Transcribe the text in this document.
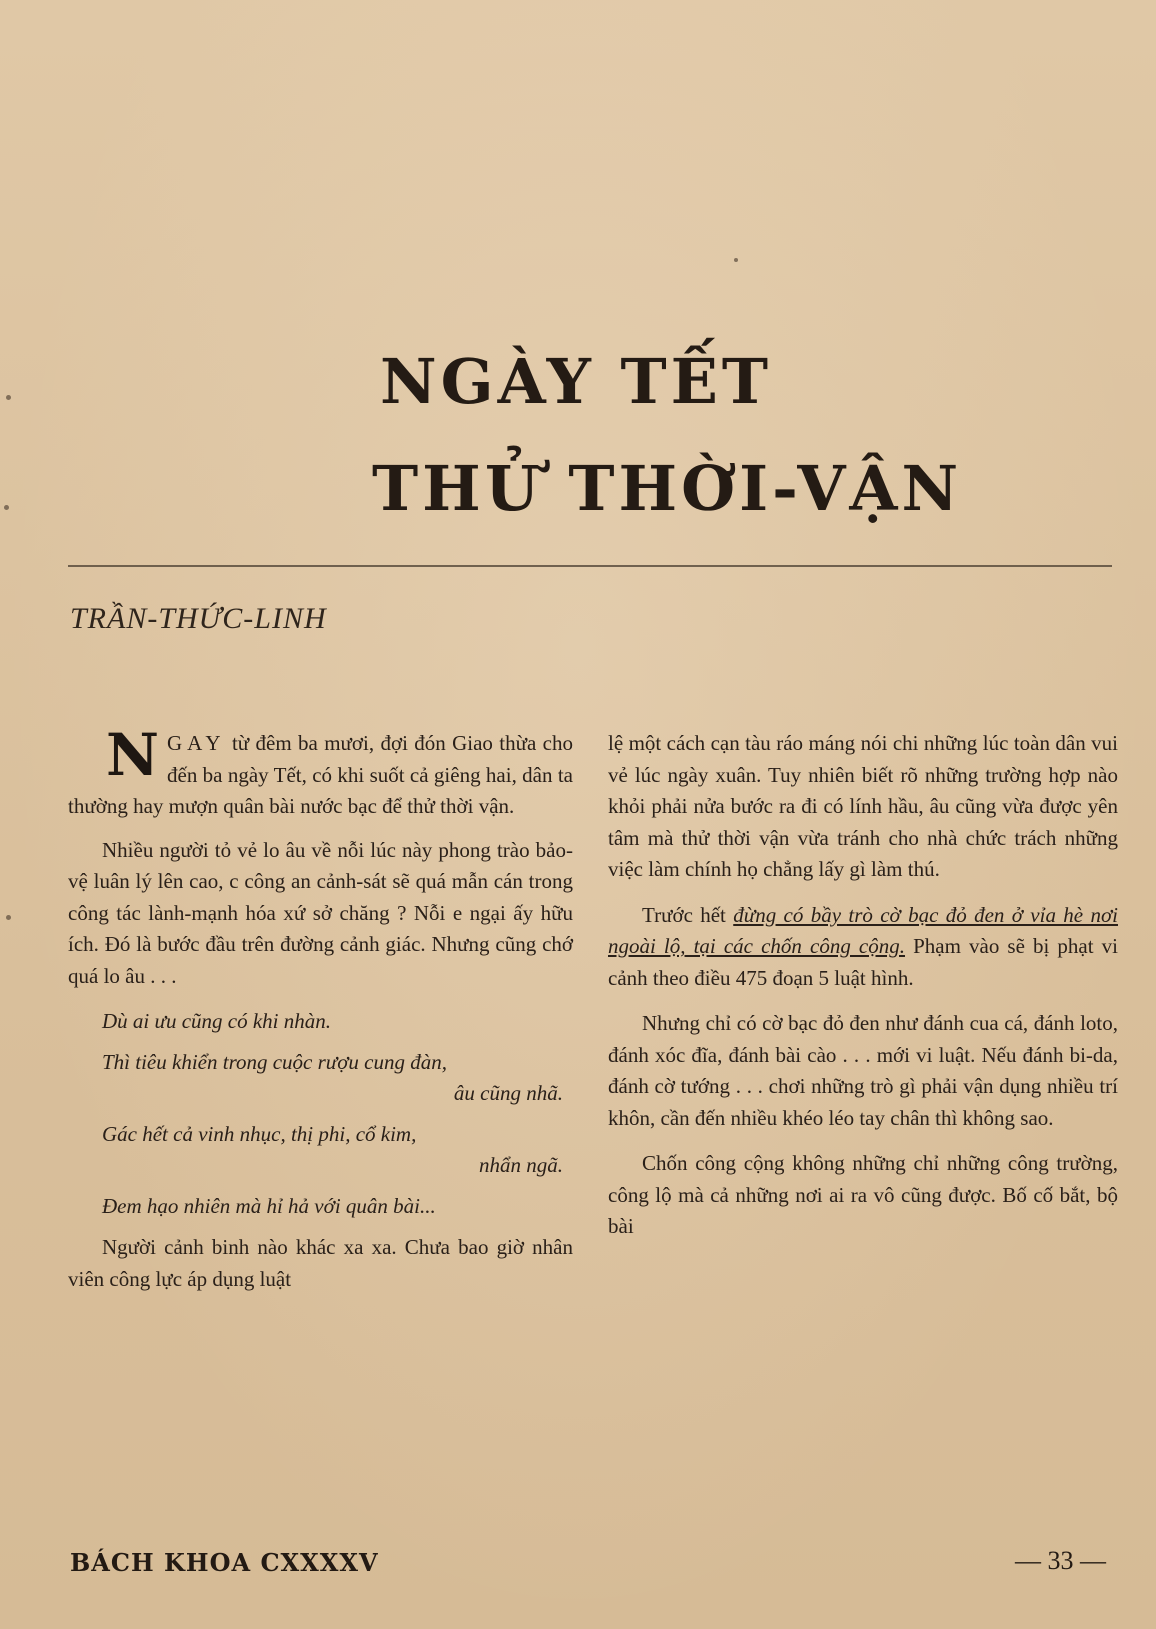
NGÀY TẾT
THỬ THỜI-VẬN
TRẦN-THỨC-LINH

N GAY từ đêm ba mươi, đợi đón Giao thừa cho đến ba ngày Tết, có khi suốt cả giêng hai, dân ta thường hay mượn quân bài nước bạc để thử thời vận.

Nhiều người tỏ vẻ lo âu về nỗi lúc này phong trào bảo-vệ luân lý lên cao, c công an cảnh-sát sẽ quá mẫn cán trong công tác lành-mạnh hóa xứ sở chăng ? Nỗi e ngại ấy hữu ích. Đó là bước đầu trên đường cảnh giác. Nhưng cũng chớ quá lo âu . . .

Dù ai ưu cũng có khi nhàn.
Thì tiêu khiển trong cuộc rượu cung đàn,
âu cũng nhã.
Gác hết cả vinh nhục, thị phi, cổ kim,
nhẩn ngã.
Đem hạo nhiên mà hỉ hả với quân bài...

Người cảnh binh nào khác xa xa. Chưa bao giờ nhân viên công lực áp dụng luật

lệ một cách cạn tàu ráo máng nói chi những lúc toàn dân vui vẻ lúc ngày xuân. Tuy nhiên biết rõ những trường hợp nào khỏi phải nửa bước ra đi có lính hầu, âu cũng vừa được yên tâm mà thử thời vận vừa tránh cho nhà chức trách những việc làm chính họ chẳng lấy gì làm thú.

Trước hết đừng có bầy trò cờ bạc đỏ đen ở vỉa hè nơi ngoài lộ, tại các chốn công cộng. Phạm vào sẽ bị phạt vi cảnh theo điều 475 đoạn 5 luật hình.

Nhưng chỉ có cờ bạc đỏ đen như đánh cua cá, đánh loto, đánh xóc đĩa, đánh bài cào . . . mới vi luật. Nếu đánh bi-da, đánh cờ tướng . . . chơi những trò gì phải vận dụng nhiều trí khôn, cần đến nhiều khéo léo tay chân thì không sao.

Chốn công cộng không những chỉ những công trường, công lộ mà cả những nơi ai ra vô cũng được. Bố cố bắt, bộ bài

BÁCH KHOA CXXXXV	— 33 —
